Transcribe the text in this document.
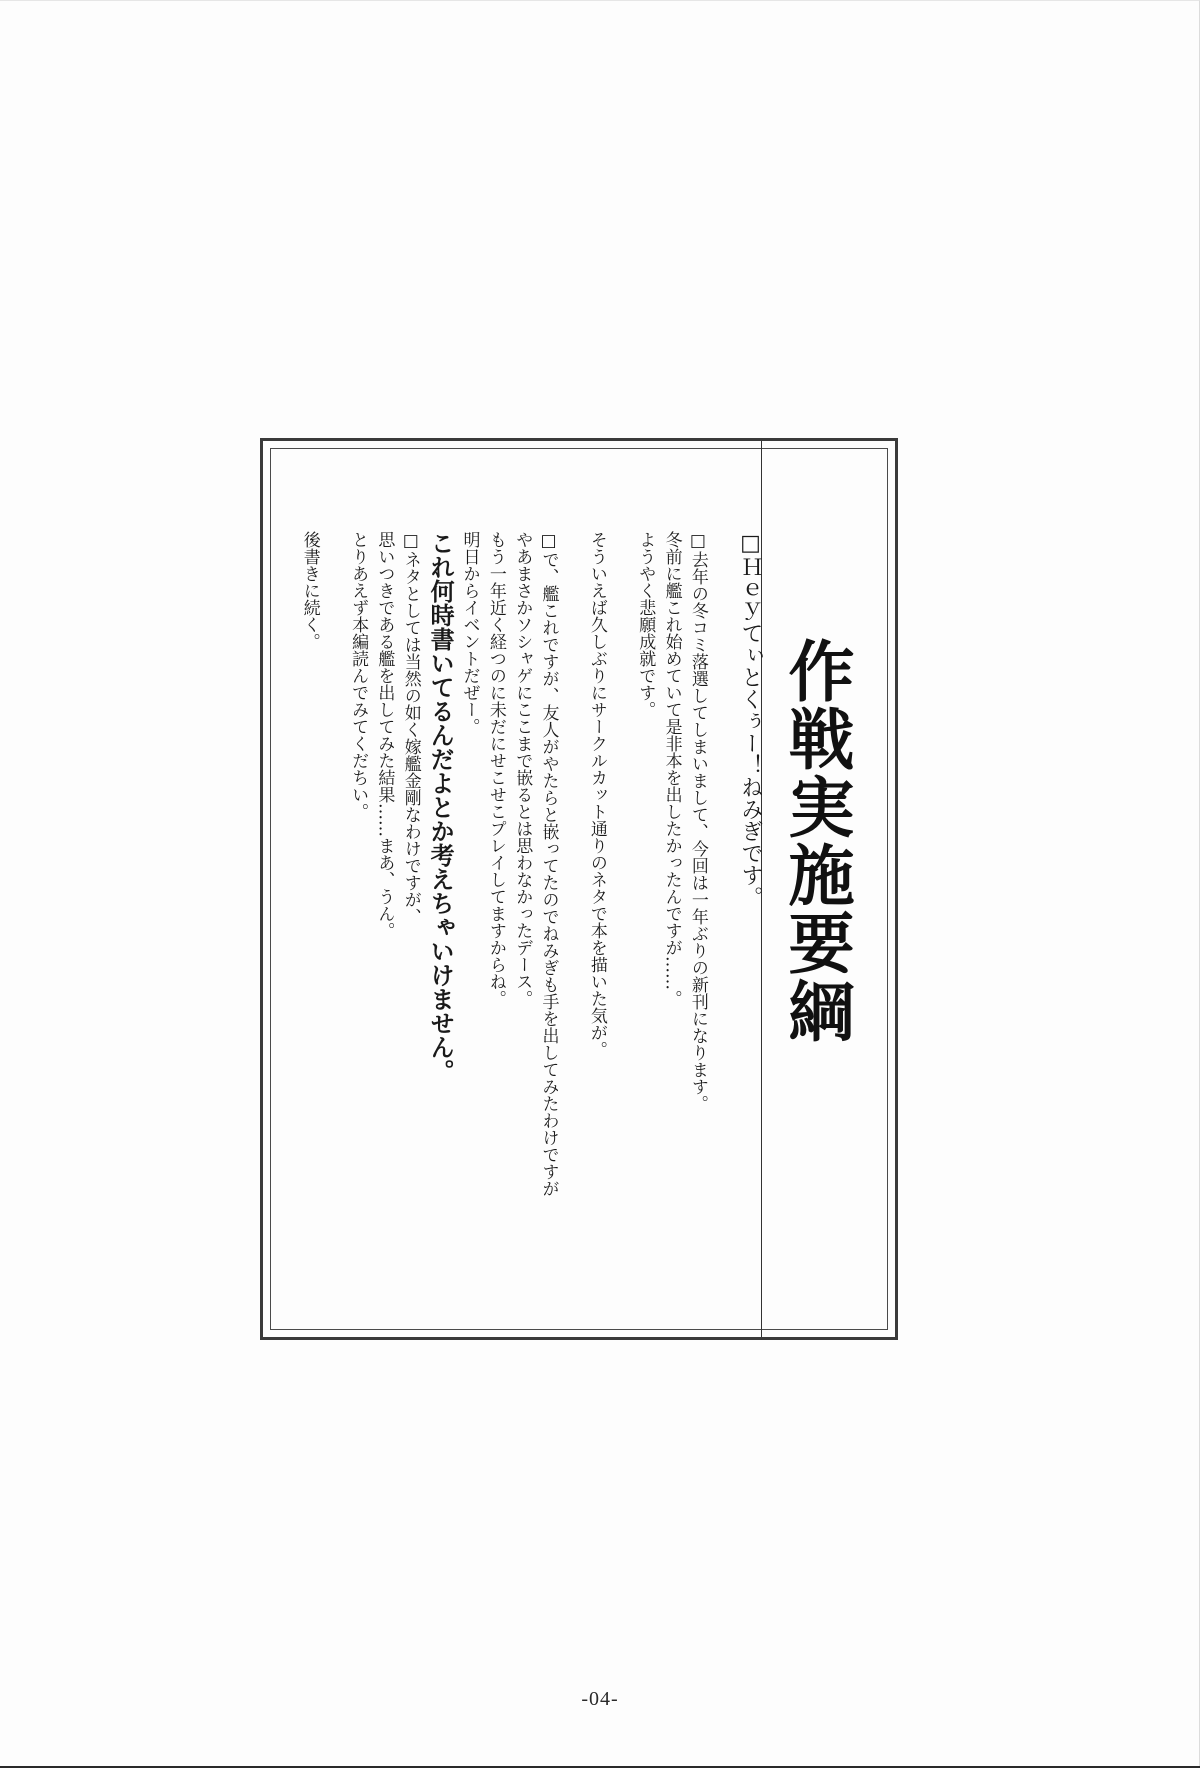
作戦実施要綱
□Ｈｅｙてぃとくぅー！ねみぎです。
□去年の冬コミ落選してしまいまして、今回は一年ぶりの新刊になります。
冬前に艦これ始めていて是非本を出したかったんですが……。
ようやく悲願成就です。
そういえば久しぶりにサークルカット通りのネタで本を描いた気が。
□で、艦これですが、友人がやたらと嵌ってたのでねみぎも手を出してみたわけですが
やあまさかソシャゲにここまで嵌るとは思わなかったデース。
もう一年近く経つのに未だにせこせこプレイしてますからね。
明日からイベントだぜー。
これ何時書いてるんだよとか考えちゃいけません。
□ネタとしては当然の如く嫁艦金剛なわけですが、
思いつきである艦を出してみた結果……まあ、うん。
とりあえず本編読んでみてくだちい。
後書きに続く。
-04-
